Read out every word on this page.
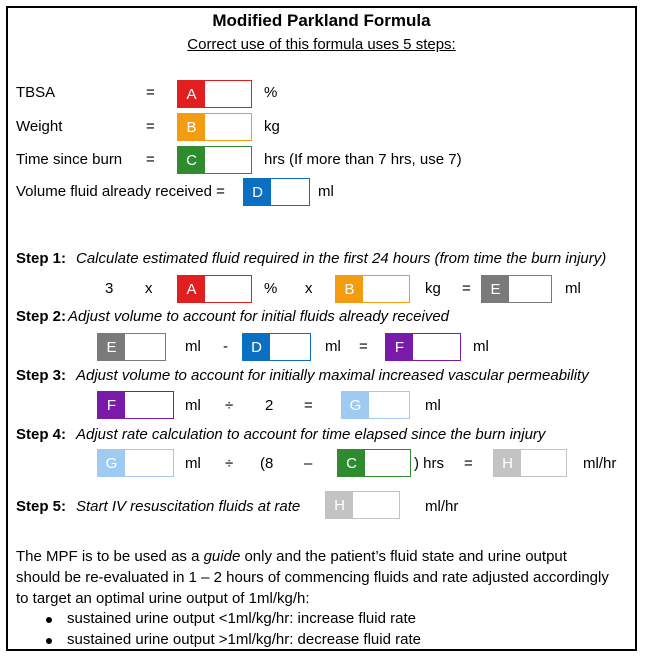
Modified Parkland Formula
Correct use of this formula uses 5 steps:
TBSA	=	A	%
Weight	=	B	kg
Time since burn =	C	hrs (If more than 7 hrs, use 7)
Volume fluid already received =	D	ml
Step 1: Calculate estimated fluid required in the first 24 hours (from time the burn injury)
3 x	A	% x	B	kg =	E	ml
Step 2: Adjust volume to account for initial fluids already received
E	ml -	D	ml =	F	ml
Step 3: Adjust volume to account for initially maximal increased vascular permeability
F	ml ÷ 2 =	G	ml
Step 4: Adjust rate calculation to account for time elapsed since the burn injury
G	ml ÷ (8 –	C	) hrs =	H	ml/hr
Step 5: Start IV resuscitation fluids at rate	H	ml/hr
The MPF is to be used as a guide only and the patient’s fluid state and urine output
should be re-evaluated in 1 – 2 hours of commencing fluids and rate adjusted accordingly
to target an optimal urine output of 1ml/kg/h:
sustained urine output <1ml/kg/hr: increase fluid rate
sustained urine output >1ml/kg/hr: decrease fluid rate
